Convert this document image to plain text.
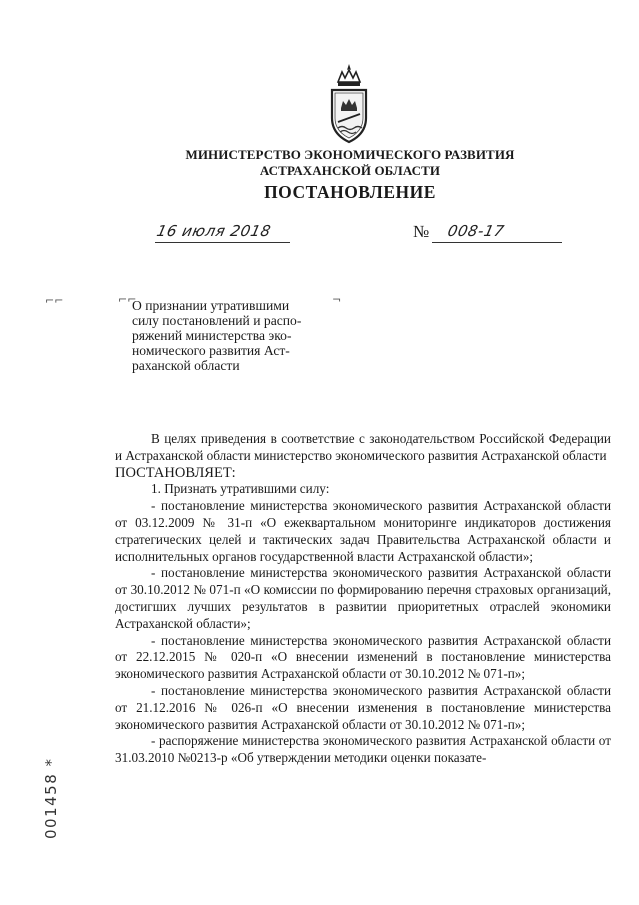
МИНИСТЕРСТВО ЭКОНОМИЧЕСКОГО РАЗВИТИЯ
АСТРАХАНСКОЙ ОБЛАСТИ
ПОСТАНОВЛЕНИЕ
16 июля 2018	№ 008-17
⌐⌐	⌐⌐	¬
О признании утратившими
силу постановлений и распо-
ряжений министерства эко-
номического развития Аст-
раханской области

В целях приведения в соответствие с законодательством Российской Федерации и Астраханской области министерство экономического развития Астраханской области

ПОСТАНОВЛЯЕТ:

1. Признать утратившими силу:

- постановление министерства экономического развития Астраханской области от 03.12.2009 № 31-п «О ежеквартальном мониторинге индикаторов достижения стратегических целей и тактических задач Правительства Астраханской области и исполнительных органов государственной власти Астраханской области»;

- постановление министерства экономического развития Астраханской области от 30.10.2012 № 071-п «О комиссии по формированию перечня страховых организаций, достигших лучших результатов в развитии приоритетных отраслей экономики Астраханской области»;

- постановление министерства экономического развития Астраханской области от 22.12.2015 № 020-п «О внесении изменений в постановление министерства экономического развития Астраханской области от 30.10.2012 № 071-п»;

- постановление министерства экономического развития Астраханской области от 21.12.2016 № 026-п «О внесении изменения в постановление министерства экономического развития Астраханской области от 30.10.2012 № 071-п»;

- распоряжение министерства экономического развития Астраханской области от 31.03.2010 №0213-р «Об утверждении методики оценки показате-

001458 *
